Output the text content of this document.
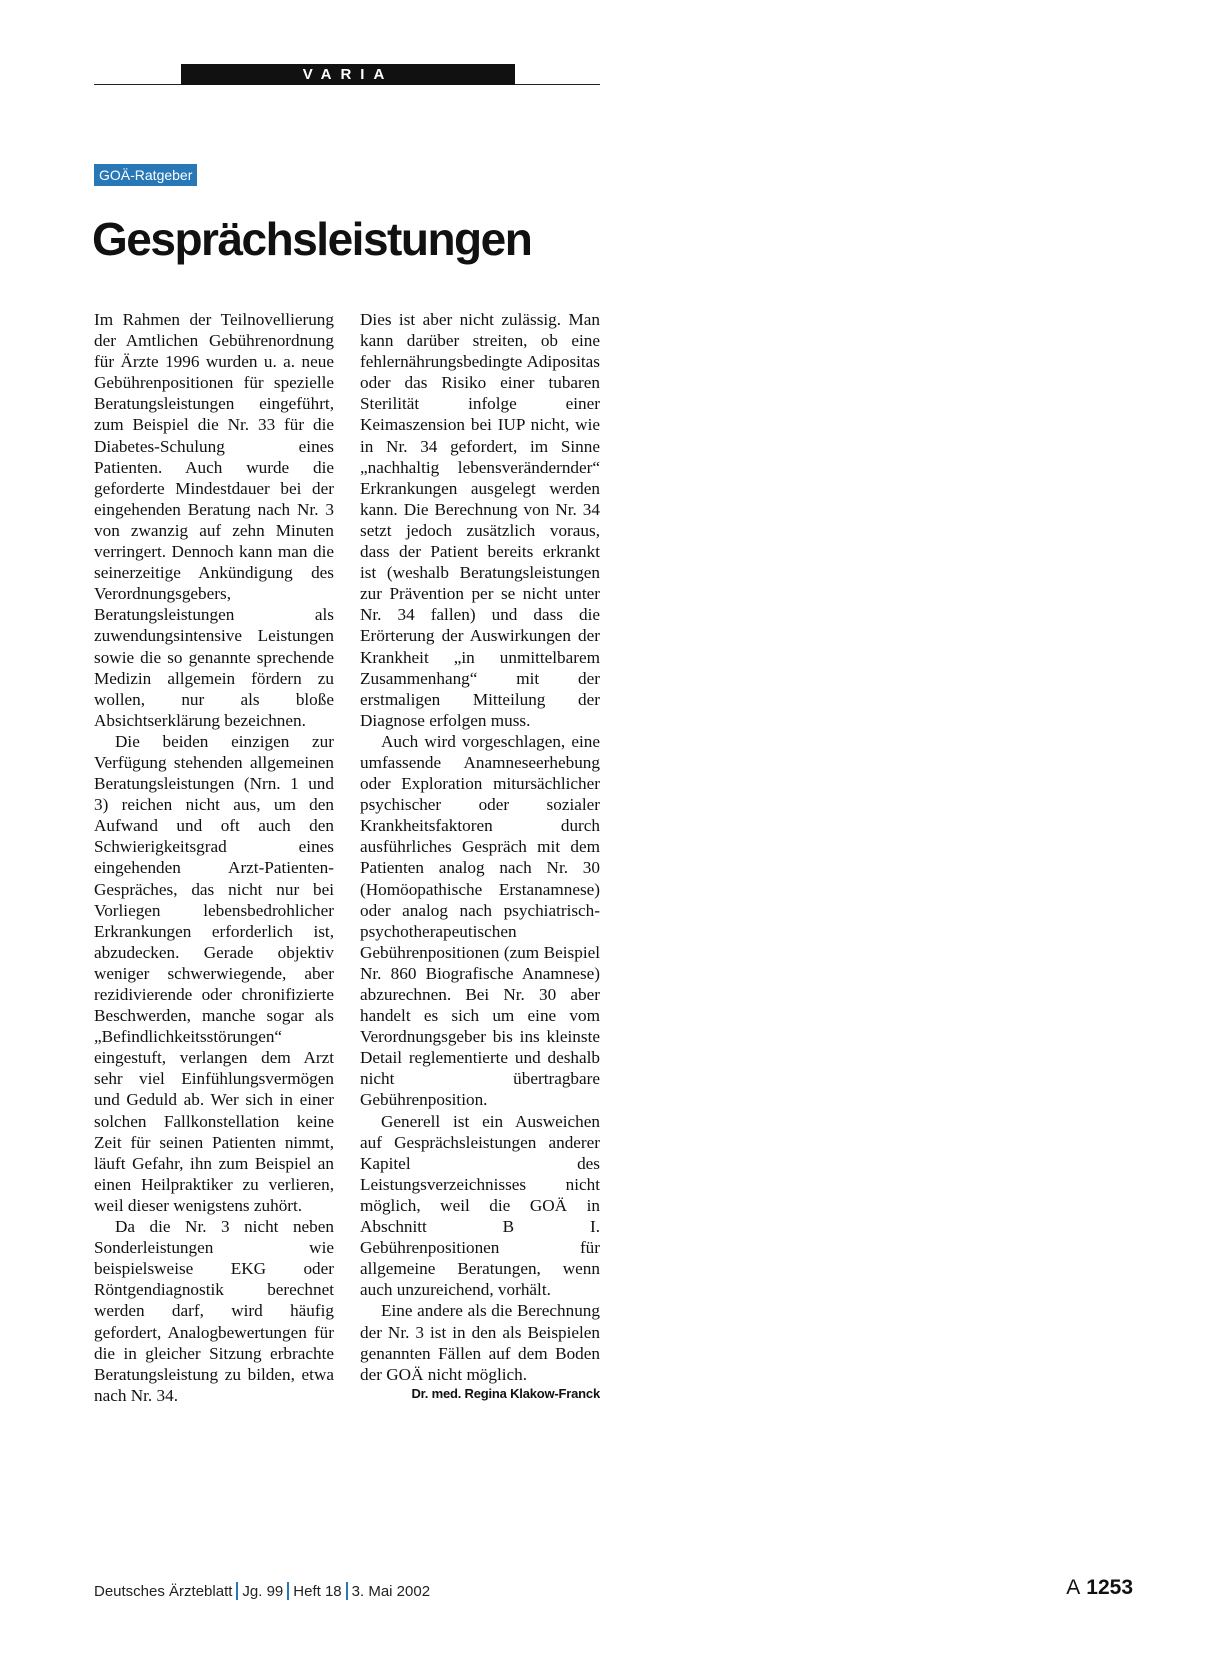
VARIA
GOÄ-Ratgeber
Gesprächsleistungen

Im Rahmen der Teilnovellierung der Amtlichen Gebührenordnung für Ärzte 1996 wurden u. a. neue Gebührenpositionen für spezielle Beratungsleistungen eingeführt, zum Beispiel die Nr. 33 für die Diabetes-Schulung eines Patienten. Auch wurde die geforderte Mindestdauer bei der eingehenden Beratung nach Nr. 3 von zwanzig auf zehn Minuten verringert. Dennoch kann man die seinerzeitige Ankündigung des Verordnungsgebers, Beratungsleistungen als zuwendungsintensive Leistungen sowie die so genannte sprechende Medizin allgemein fördern zu wollen, nur als bloße Absichtserklärung bezeichnen.

Die beiden einzigen zur Verfügung stehenden allgemeinen Beratungsleistungen (Nrn. 1 und 3) reichen nicht aus, um den Aufwand und oft auch den Schwierigkeitsgrad eines eingehenden Arzt-Patienten-Gespräches, das nicht nur bei Vorliegen lebensbedrohlicher Erkrankungen erforderlich ist, abzudecken. Gerade objektiv weniger schwerwiegende, aber rezidivierende oder chronifizierte Beschwerden, manche sogar als „Befindlichkeitsstörungen“ eingestuft, verlangen dem Arzt sehr viel Einfühlungsvermögen und Geduld ab. Wer sich in einer solchen Fallkonstellation keine Zeit für seinen Patienten nimmt, läuft Gefahr, ihn zum Beispiel an einen Heilpraktiker zu verlieren, weil dieser wenigstens zuhört.

Da die Nr. 3 nicht neben Sonderleistungen wie beispielsweise EKG oder Röntgendiagnostik berechnet werden darf, wird häufig gefordert, Analogbewertungen für die in gleicher Sitzung erbrachte Beratungsleistung zu bilden, etwa nach Nr. 34.

Dies ist aber nicht zulässig. Man kann darüber streiten, ob eine fehlernährungsbedingte Adipositas oder das Risiko einer tubaren Sterilität infolge einer Keimaszension bei IUP nicht, wie in Nr. 34 gefordert, im Sinne „nachhaltig lebensverändernder“ Erkrankungen ausgelegt werden kann. Die Berechnung von Nr. 34 setzt jedoch zusätzlich voraus, dass der Patient bereits erkrankt ist (weshalb Beratungsleistungen zur Prävention per se nicht unter Nr. 34 fallen) und dass die Erörterung der Auswirkungen der Krankheit „in unmittelbarem Zusammenhang“ mit der erstmaligen Mitteilung der Diagnose erfolgen muss.

Auch wird vorgeschlagen, eine umfassende Anamneseerhebung oder Exploration mitursächlicher psychischer oder sozialer Krankheitsfaktoren durch ausführliches Gespräch mit dem Patienten analog nach Nr. 30 (Homöopathische Erstanamnese) oder analog nach psychiatrisch-psychotherapeutischen Gebührenpositionen (zum Beispiel Nr. 860 Biografische Anamnese) abzurechnen. Bei Nr. 30 aber handelt es sich um eine vom Verordnungsgeber bis ins kleinste Detail reglementierte und deshalb nicht übertragbare Gebührenposition.

Generell ist ein Ausweichen auf Gesprächsleistungen anderer Kapitel des Leistungsverzeichnisses nicht möglich, weil die GOÄ in Abschnitt B I. Gebührenpositionen für allgemeine Beratungen, wenn auch unzureichend, vorhält.

Eine andere als die Berechnung der Nr. 3 ist in den als Beispielen genannten Fällen auf dem Boden der GOÄ nicht möglich.

Dr. med. Regina Klakow-Franck
Deutsches Ärzteblatt Jg. 99 Heft 18 3. Mai 2002	A 1253
